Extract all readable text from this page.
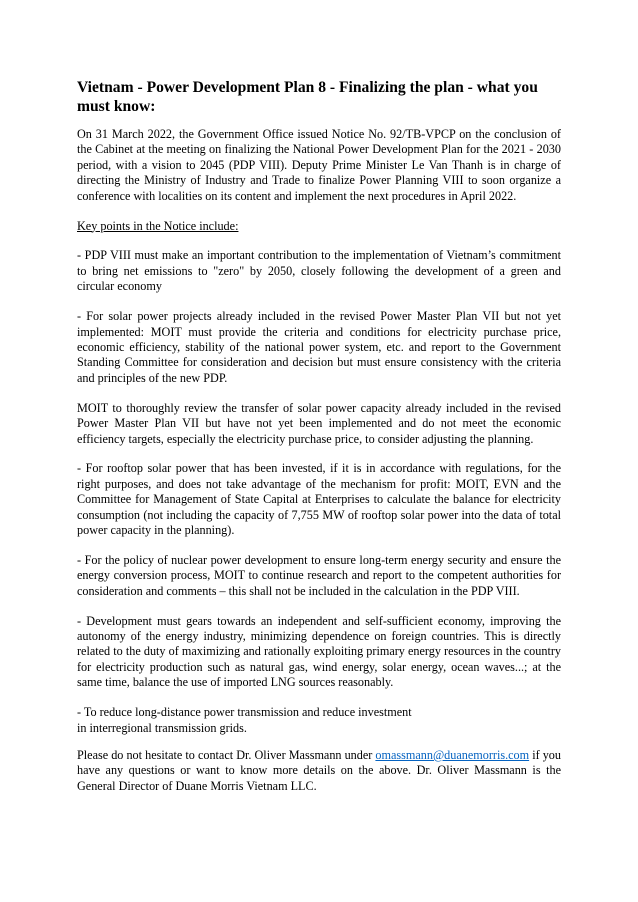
Vietnam - Power Development Plan 8 - Finalizing the plan - what you must know:

On 31 March 2022, the Government Office issued Notice No. 92/TB-VPCP on the conclusion of the Cabinet at the meeting on finalizing the National Power Development Plan for the 2021 - 2030 period, with a vision to 2045 (PDP VIII). Deputy Prime Minister Le Van Thanh is in charge of directing the Ministry of Industry and Trade to finalize Power Planning VIII to soon organize a conference with localities on its content and implement the next procedures in April 2022.

Key points in the Notice include:

- PDP VIII must make an important contribution to the implementation of Vietnam’s commitment to bring net emissions to "zero" by 2050, closely following the development of a green and circular economy

- For solar power projects already included in the revised Power Master Plan VII but not yet implemented: MOIT must provide the criteria and conditions for electricity purchase price, economic efficiency, stability of the national power system, etc. and report to the Government Standing Committee for consideration and decision but must ensure consistency with the criteria and principles of the new PDP.

MOIT to thoroughly review the transfer of solar power capacity already included in the revised Power Master Plan VII but have not yet been implemented and do not meet the economic efficiency targets, especially the electricity purchase price, to consider adjusting the planning.

- For rooftop solar power that has been invested, if it is in accordance with regulations, for the right purposes, and does not take advantage of the mechanism for profit: MOIT, EVN and the Committee for Management of State Capital at Enterprises to calculate the balance for electricity consumption (not including the capacity of 7,755 MW of rooftop solar power into the data of total power capacity in the planning).

- For the policy of nuclear power development to ensure long-term energy security and ensure the energy conversion process, MOIT to continue research and report to the competent authorities for consideration and comments – this shall not be included in the calculation in the PDP VIII.

- Development must gears towards an independent and self-sufficient economy, improving the autonomy of the energy industry, minimizing dependence on foreign countries. This is directly related to the duty of maximizing and rationally exploiting primary energy resources in the country for electricity production such as natural gas, wind energy, solar energy, ocean waves...; at the same time, balance the use of imported LNG sources reasonably.

- To reduce long-distance power transmission and reduce investment
in interregional transmission grids.

Please do not hesitate to contact Dr. Oliver Massmann under omassmann@duanemorris.com if you have any questions or want to know more details on the above. Dr. Oliver Massmann is the General Director of Duane Morris Vietnam LLC.
